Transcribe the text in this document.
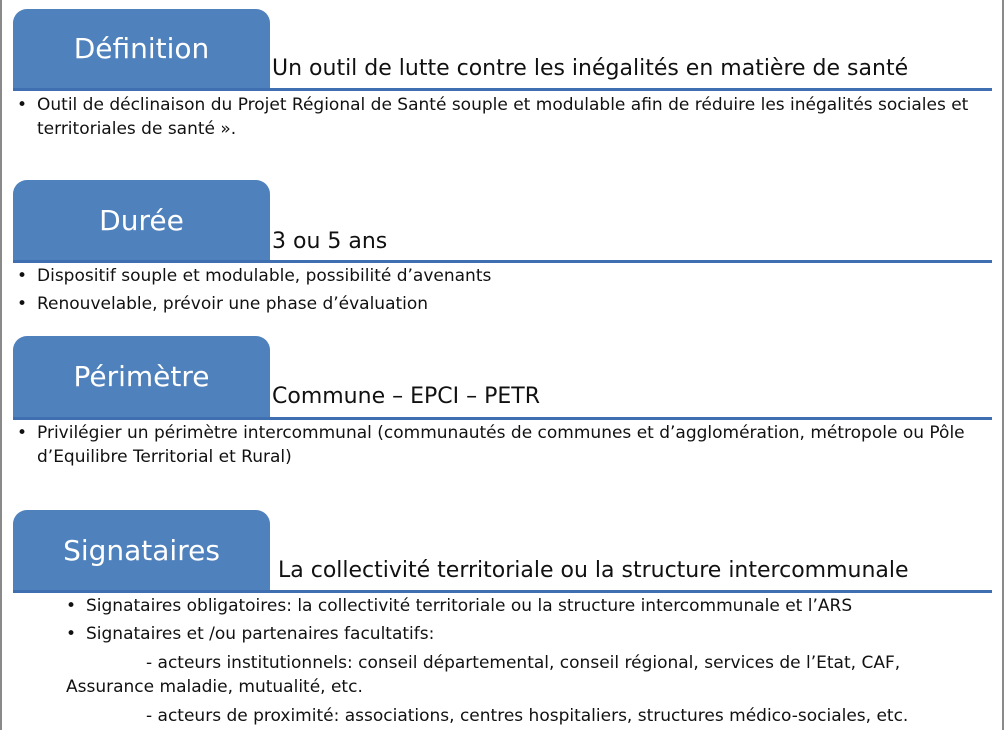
Définition
Un outil de lutte contre les inégalités en matière de santé

• Outil de déclinaison du Projet Régional de Santé souple et modulable afin de réduire les inégalités sociales et territoriales de santé ».

Durée
3 ou 5 ans

• Dispositif souple et modulable, possibilité d’avenants

• Renouvelable, prévoir une phase d’évaluation

Périmètre
Commune – EPCI – PETR

• Privilégier un périmètre intercommunal (communautés de communes et d’agglomération, métropole ou Pôle d’Equilibre Territorial et Rural)

Signataires
La collectivité territoriale ou la structure intercommunale

• Signataires obligatoires: la collectivité territoriale ou la structure intercommunale et l’ARS

• Signataires et /ou partenaires facultatifs:

- acteurs institutionnels: conseil départemental, conseil régional, services de l’Etat, CAF,
Assurance maladie, mutualité, etc.
- acteurs de proximité: associations, centres hospitaliers, structures médico-sociales, etc.
